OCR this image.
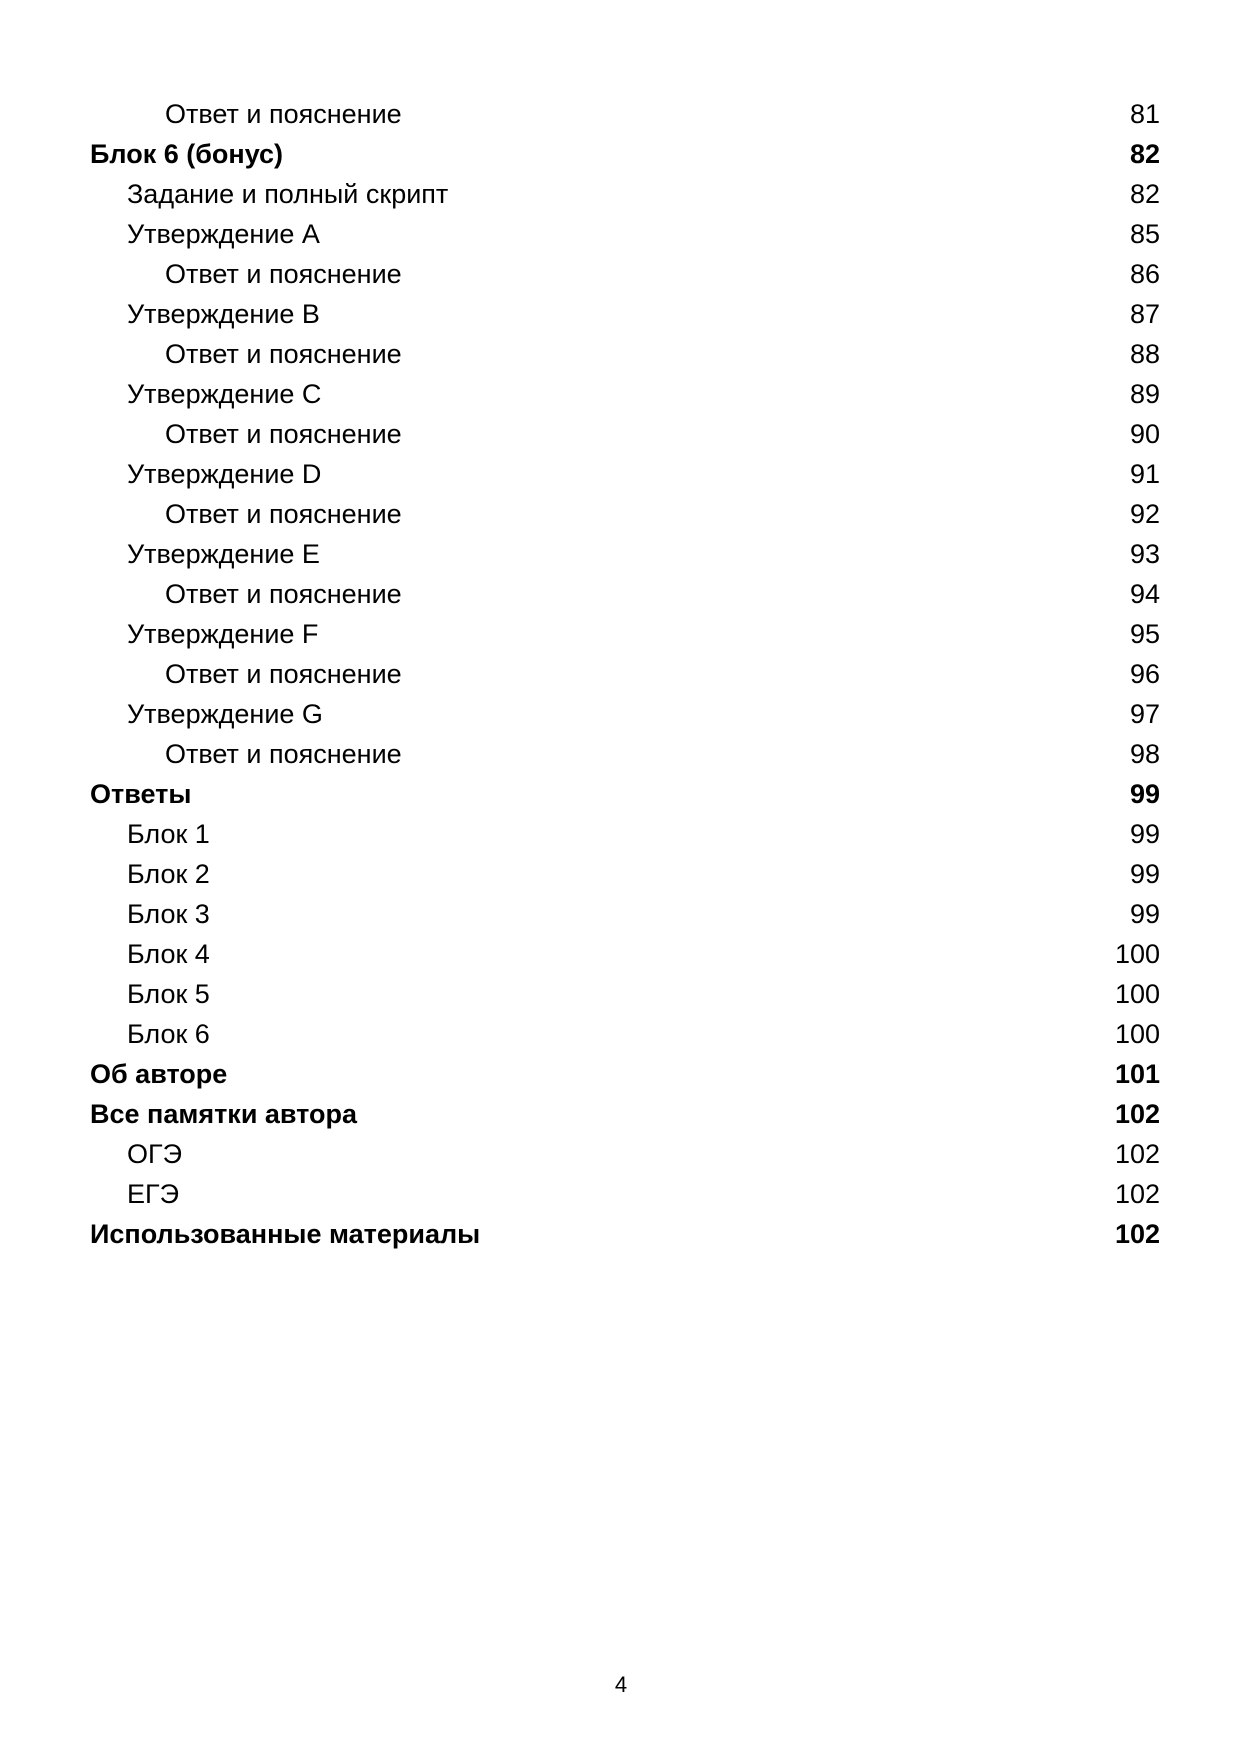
Ответ и пояснение	81
Блок 6 (бонус)	82
Задание и полный скрипт	82
Утверждение A	85
Ответ и пояснение	86
Утверждение B	87
Ответ и пояснение	88
Утверждение C	89
Ответ и пояснение	90
Утверждение D	91
Ответ и пояснение	92
Утверждение E	93
Ответ и пояснение	94
Утверждение F	95
Ответ и пояснение	96
Утверждение G	97
Ответ и пояснение	98
Ответы	99
Блок 1	99
Блок 2	99
Блок 3	99
Блок 4	100
Блок 5	100
Блок 6	100
Об авторе	101
Все памятки автора	102
ОГЭ	102
ЕГЭ	102
Использованные материалы	102
4
